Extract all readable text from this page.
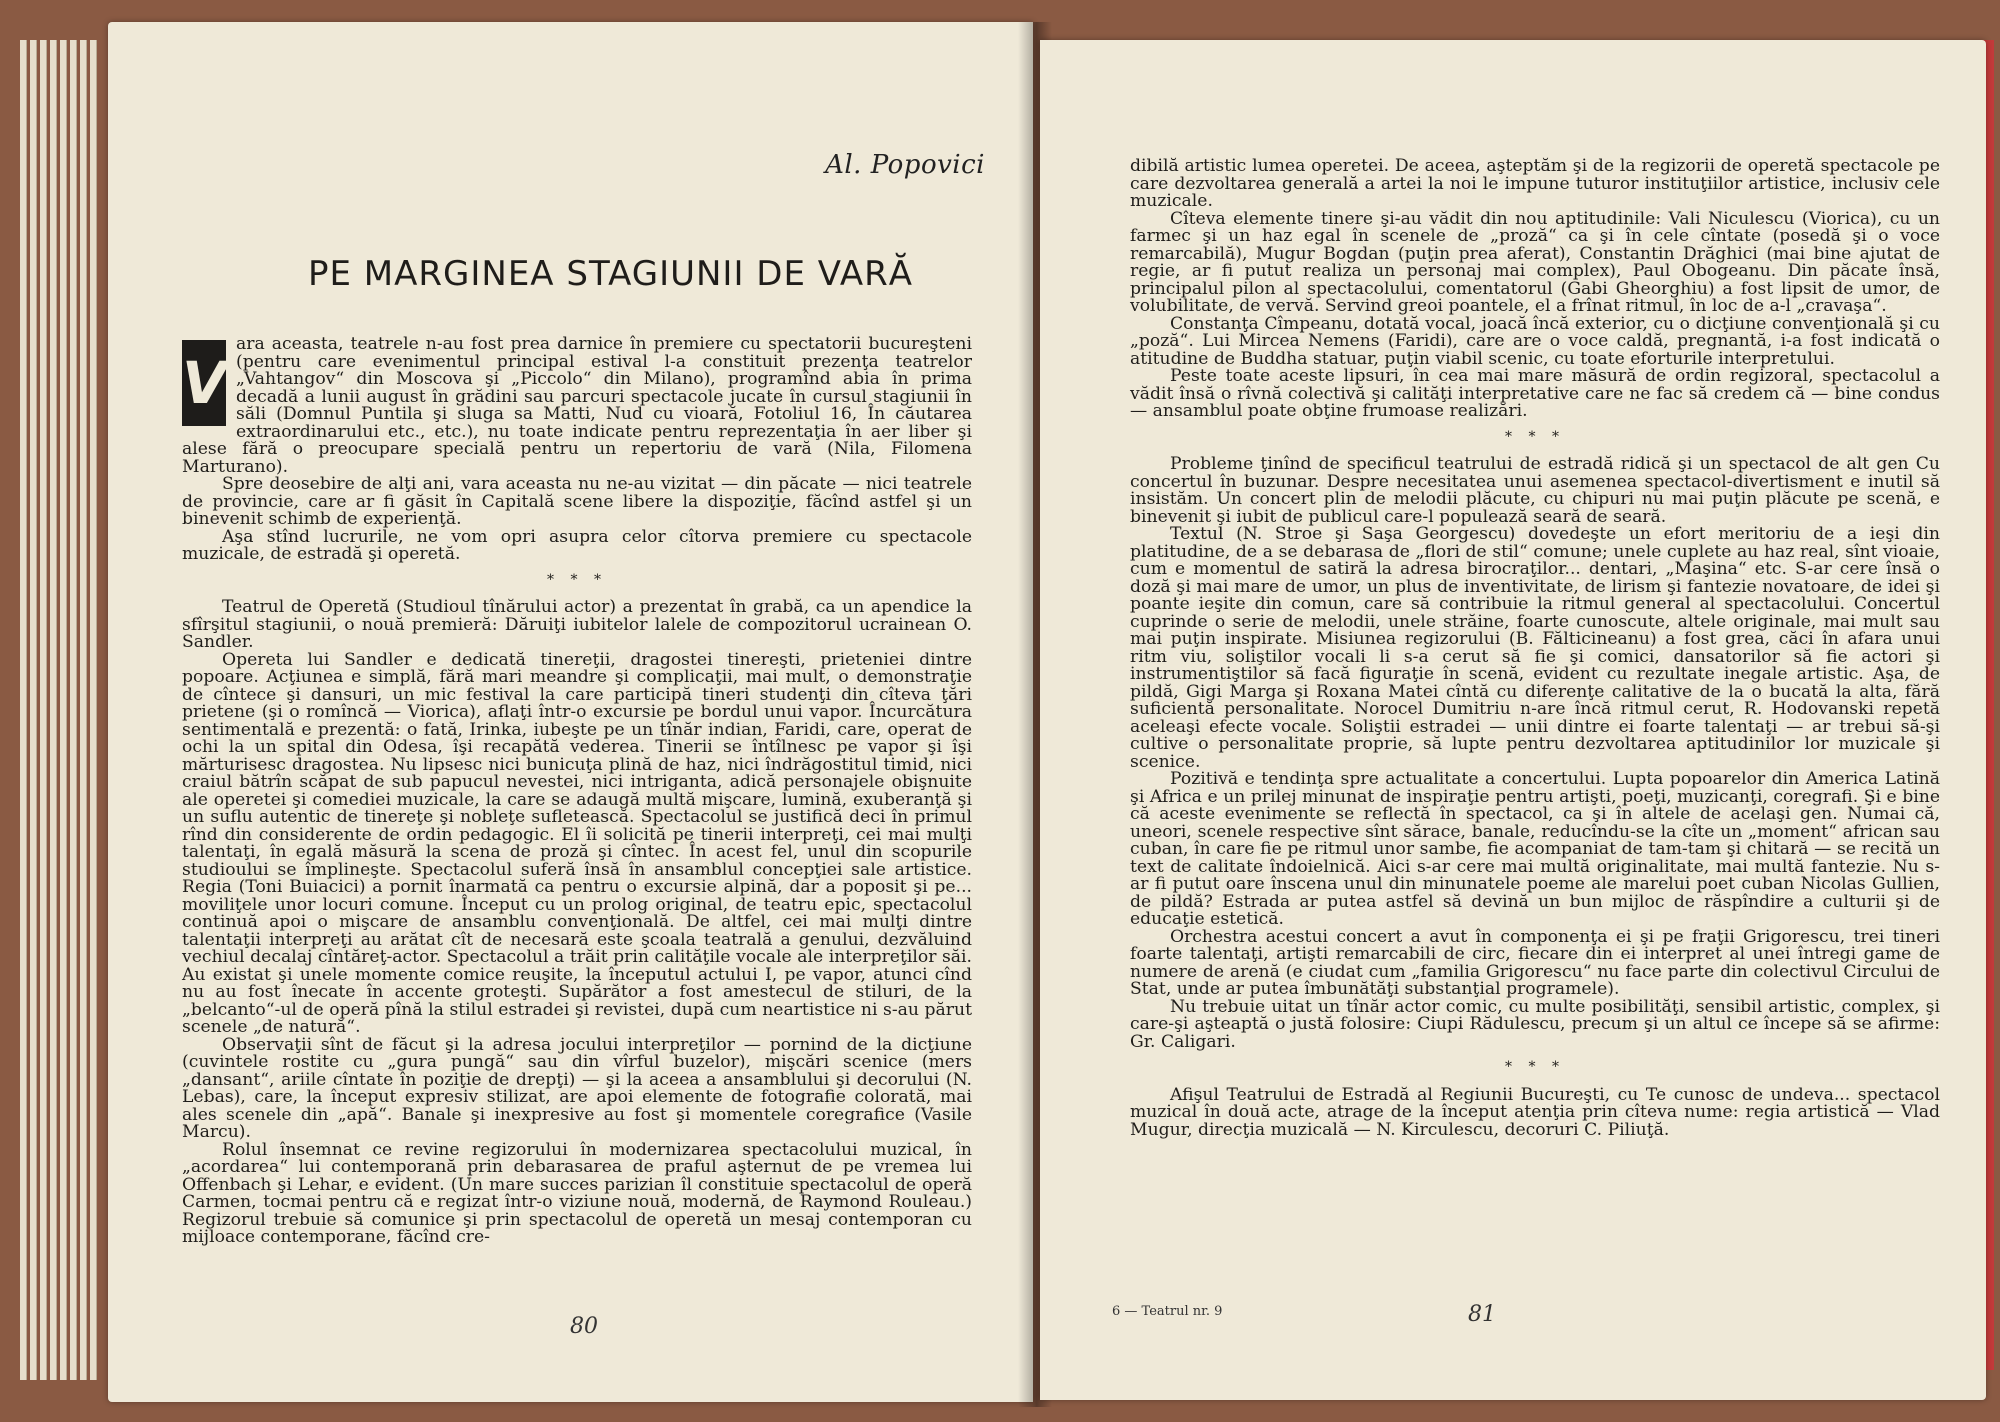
Al. Popovici
PE MARGINEA STAGIUNII DE VARĂ

V
ara aceasta, teatrele n-au fost prea darnice în premiere cu spectatorii bucureşteni (pentru care evenimentul principal estival l-a constituit prezenţa teatrelor „Vahtangov“ din Moscova şi „Piccolo“ din Milano), programînd abia în prima decadă a lunii august în grădini sau parcuri spectacole jucate în cursul stagiunii în săli (Domnul Puntila şi sluga sa Matti, Nud cu vioară, Fotoliul 16, În căutarea extraordinarului etc., etc.), nu toate indicate pentru reprezentaţia în aer liber şi alese fără o preocupare specială pentru un repertoriu de vară (Nila, Filomena Marturano).

Spre deosebire de alţi ani, vara aceasta nu ne-au vizitat — din păcate — nici teatrele de provincie, care ar fi găsit în Capitală scene libere la dispoziţie, făcînd astfel şi un binevenit schimb de experienţă.

Aşa stînd lucrurile, ne vom opri asupra celor cîtorva premiere cu spectacole muzicale, de estradă şi operetă.

* * *

Teatrul de Operetă (Studioul tînărului actor) a prezentat în grabă, ca un apendice la sfîrşitul stagiunii, o nouă premieră: Dăruiţi iubitelor lalele de compozitorul ucrainean O. Sandler.

Opereta lui Sandler e dedicată tinereţii, dragostei tinereşti, prieteniei dintre popoare. Acţiunea e simplă, fără mari meandre şi complicaţii, mai mult, o demonstraţie de cîntece şi dansuri, un mic festival la care participă tineri studenţi din cîteva ţări prietene (şi o romîncă — Viorica), aflaţi într-o excursie pe bordul unui vapor. Încurcătura sentimentală e prezentă: o fată, Irinka, iubeşte pe un tînăr indian, Faridi, care, operat de ochi la un spital din Odesa, îşi recapătă vederea. Tinerii se întîlnesc pe vapor şi îşi mărturisesc dragostea. Nu lipsesc nici bunicuţa plină de haz, nici îndrăgostitul timid, nici craiul bătrîn scăpat de sub papucul nevestei, nici intriganta, adică personajele obişnuite ale operetei şi comediei muzicale, la care se adaugă multă mişcare, lumină, exuberanţă şi un suflu autentic de tinereţe şi nobleţe sufletească. Spectacolul se justifică deci în primul rînd din considerente de ordin pedagogic. El îi solicită pe tinerii interpreţi, cei mai mulţi talentaţi, în egală măsură la scena de proză şi cîntec. În acest fel, unul din scopurile studioului se împlineşte. Spectacolul suferă însă în ansamblul concepţiei sale artistice. Regia (Toni Buiacici) a pornit înarmată ca pentru o excursie alpină, dar a poposit şi pe... moviliţele unor locuri comune. Început cu un prolog original, de teatru epic, spectacolul continuă apoi o mişcare de ansamblu convenţională. De altfel, cei mai mulţi dintre talentaţii interpreţi au arătat cît de necesară este şcoala teatrală a genului, dezvăluind vechiul decalaj cîntăreţ-actor. Spectacolul a trăit prin calităţile vocale ale interpreţilor săi. Au existat şi unele momente comice reuşite, la începutul actului I, pe vapor, atunci cînd nu au fost înecate în accente groteşti. Supărător a fost amestecul de stiluri, de la „belcanto“-ul de operă pînă la stilul estradei şi revistei, după cum neartistice ni s-au părut scenele „de natură“.

Observaţii sînt de făcut şi la adresa jocului interpreţilor — pornind de la dicţiune (cuvintele rostite cu „gura pungă“ sau din vîrful buzelor), mişcări scenice (mers „dansant“, ariile cîntate în poziţie de drepţi) — şi la aceea a ansamblului şi decorului (N. Lebas), care, la început expresiv stilizat, are apoi elemente de fotografie colorată, mai ales scenele din „apă“. Banale şi inexpresive au fost şi momentele coregrafice (Vasile Marcu).

Rolul însemnat ce revine regizorului în modernizarea spectacolului muzical, în „acordarea“ lui contemporană prin debarasarea de praful aşternut de pe vremea lui Offenbach şi Lehar, e evident. (Un mare succes parizian îl constituie spectacolul de operă Carmen, tocmai pentru că e regizat într-o viziune nouă, modernă, de Raymond Rouleau.) Regizorul trebuie să comunice şi prin spectacolul de operetă un mesaj contemporan cu mijloace contemporane, făcînd cre-

80

dibilă artistic lumea operetei. De aceea, aşteptăm şi de la regizorii de operetă spectacole pe care dezvoltarea generală a artei la noi le impune tuturor instituţiilor artistice, inclusiv cele muzicale.

Cîteva elemente tinere şi-au vădit din nou aptitudinile: Vali Niculescu (Viorica), cu un farmec şi un haz egal în scenele de „proză“ ca şi în cele cîntate (posedă şi o voce remarcabilă), Mugur Bogdan (puţin prea aferat), Constantin Drăghici (mai bine ajutat de regie, ar fi putut realiza un personaj mai complex), Paul Obogeanu. Din păcate însă, principalul pilon al spectacolului, comentatorul (Gabi Gheorghiu) a fost lipsit de umor, de volubilitate, de vervă. Servind greoi poantele, el a frînat ritmul, în loc de a-l „cravaşa“.

Constanţa Cîmpeanu, dotată vocal, joacă încă exterior, cu o dicţiune convenţională şi cu „poză“. Lui Mircea Nemens (Faridi), care are o voce caldă, pregnantă, i-a fost indicată o atitudine de Buddha statuar, puţin viabil scenic, cu toate eforturile interpretului.

Peste toate aceste lipsuri, în cea mai mare măsură de ordin regizoral, spectacolul a vădit însă o rîvnă colectivă şi calităţi interpretative care ne fac să credem că — bine condus — ansamblul poate obţine frumoase realizări.

* * *

Probleme ţinînd de specificul teatrului de estradă ridică şi un spectacol de alt gen Cu concertul în buzunar. Despre necesitatea unui asemenea spectacol-divertisment e inutil să insistăm. Un concert plin de melodii plăcute, cu chipuri nu mai puţin plăcute pe scenă, e binevenit şi iubit de publicul care-l populează seară de seară.

Textul (N. Stroe şi Saşa Georgescu) dovedeşte un efort meritoriu de a ieşi din platitudine, de a se debarasa de „flori de stil“ comune; unele cuplete au haz real, sînt vioaie, cum e momentul de satiră la adresa birocraţilor... dentari, „Maşina“ etc. S-ar cere însă o doză şi mai mare de umor, un plus de inventivitate, de lirism şi fantezie novatoare, de idei şi poante ieşite din comun, care să contribuie la ritmul general al spectacolului. Concertul cuprinde o serie de melodii, unele străine, foarte cunoscute, altele originale, mai mult sau mai puţin inspirate. Misiunea regizorului (B. Fălticineanu) a fost grea, căci în afara unui ritm viu, soliştilor vocali li s-a cerut să fie şi comici, dansatorilor să fie actori şi instrumentiştilor să facă figuraţie în scenă, evident cu rezultate inegale artistic. Aşa, de pildă, Gigi Marga şi Roxana Matei cîntă cu diferenţe calitative de la o bucată la alta, fără suficientă personalitate. Norocel Dumitriu n-are încă ritmul cerut, R. Hodovanski repetă aceleaşi efecte vocale. Soliştii estradei — unii dintre ei foarte talentaţi — ar trebui să-şi cultive o personalitate proprie, să lupte pentru dezvoltarea aptitudinilor lor muzicale şi scenice.

Pozitivă e tendinţa spre actualitate a concertului. Lupta popoarelor din America Latină şi Africa e un prilej minunat de inspiraţie pentru artişti, poeţi, muzicanţi, coregrafi. Şi e bine că aceste evenimente se reflectă în spectacol, ca şi în altele de acelaşi gen. Numai că, uneori, scenele respective sînt sărace, banale, reducîndu-se la cîte un „moment“ african sau cuban, în care fie pe ritmul unor sambe, fie acompaniat de tam-tam şi chitară — se recită un text de calitate îndoielnică. Aici s-ar cere mai multă originalitate, mai multă fantezie. Nu s-ar fi putut oare înscena unul din minunatele poeme ale marelui poet cuban Nicolas Gullien, de pildă? Estrada ar putea astfel să devină un bun mijloc de răspîndire a culturii şi de educaţie estetică.

Orchestra acestui concert a avut în componenţa ei şi pe fraţii Grigorescu, trei tineri foarte talentaţi, artişti remarcabili de circ, fiecare din ei interpret al unei întregi game de numere de arenă (e ciudat cum „familia Grigorescu“ nu face parte din colectivul Circului de Stat, unde ar putea îmbunătăţi substanţial programele).

Nu trebuie uitat un tînăr actor comic, cu multe posibilităţi, sensibil artistic, complex, şi care-şi aşteaptă o justă folosire: Ciupi Rădulescu, precum şi un altul ce începe să se afirme: Gr. Caligari.

* * *

Afişul Teatrului de Estradă al Regiunii Bucureşti, cu Te cunosc de undeva... spectacol muzical în două acte, atrage de la început atenţia prin cîteva nume: regia artistică — Vlad Mugur, direcţia muzicală — N. Kirculescu, decoruri C. Piliuţă.

6 — Teatrul nr. 9	81
